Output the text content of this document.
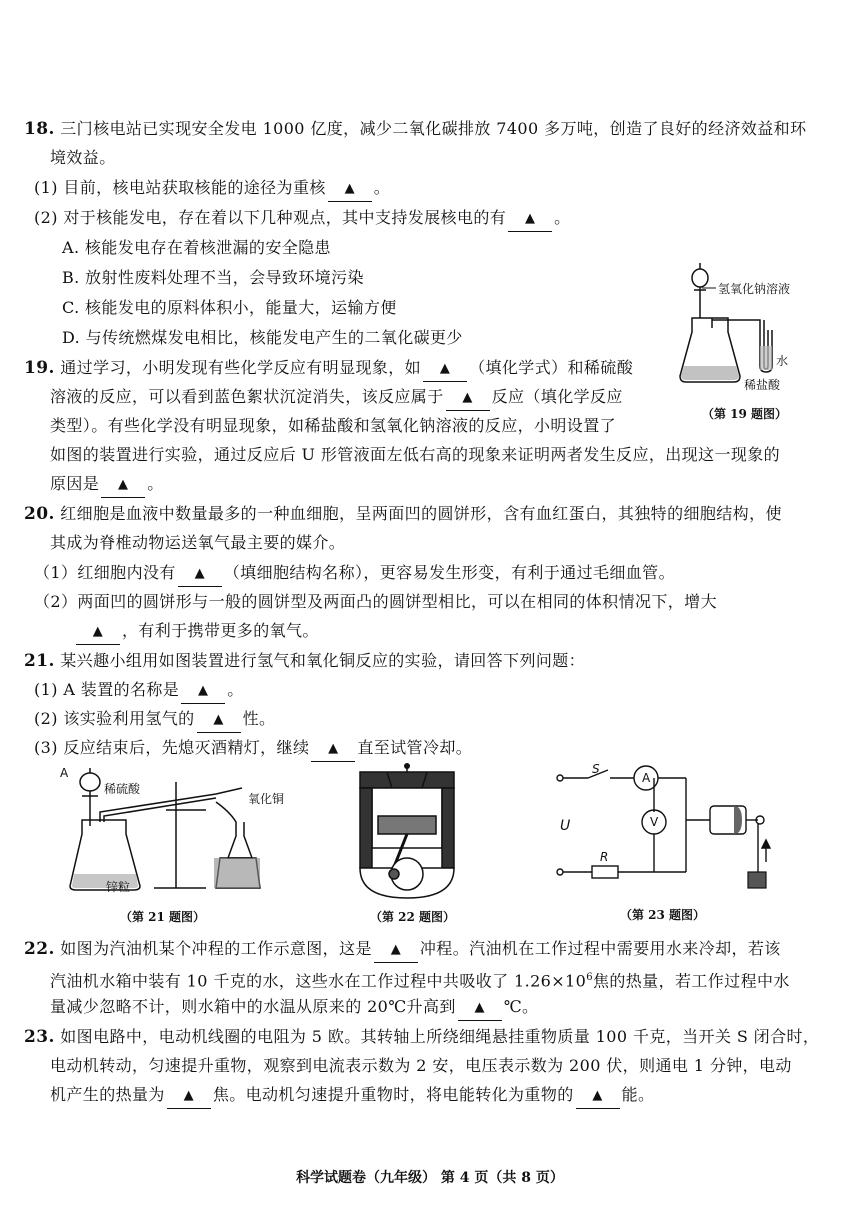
18. 三门核电站已实现安全发电 1000 亿度，减少二氧化碳排放 7400 多万吨，创造了良好的经济效益和环
境效益。
(1) 目前，核电站获取核能的途径为重核 ▲	。
(2) 对于核能发电，存在着以下几种观点，其中支持发展核电的有 ▲	。
A. 核能发电存在着核泄漏的安全隐患
B. 放射性废料处理不当，会导致环境污染
C. 核能发电的原料体积小，能量大，运输方便
D. 与传统燃煤发电相比，核能发电产生的二氧化碳更少
氢氧化钠溶液
水
稀盐酸
（第 19 题图）
19. 通过学习，小明发现有些化学反应有明显现象，如 ▲	（填化学式）和稀硫酸
溶液的反应，可以看到蓝色絮状沉淀消失，该反应属于 ▲	反应（填化学反应
类型）。有些化学没有明显现象，如稀盐酸和氢氧化钠溶液的反应，小明设置了
如图的装置进行实验，通过反应后 U 形管液面左低右高的现象来证明两者发生反应，出现这一现象的
原因是 ▲	。
20. 红细胞是血液中数量最多的一种血细胞，呈两面凹的圆饼形，含有血红蛋白，其独特的细胞结构，使
其成为脊椎动物运送氧气最主要的媒介。
（1）红细胞内没有 ▲	（填细胞结构名称），更容易发生形变，有利于通过毛细血管。
（2）两面凹的圆饼形与一般的圆饼型及两面凸的圆饼型相比，可以在相同的体积情况下，增大
▲，有利于携带更多的氧气。
21. 某兴趣小组用如图装置进行氢气和氧化铜反应的实验，请回答下列问题：
(1) A 装置的名称是 ▲	。
(2) 该实验利用氢气的 ▲	性。
(3) 反应结束后，先熄灭酒精灯，继续 ▲	直至试管冷却。
A
稀硫酸
氧化铜
锌粒
（第 21 题图）	（第 22 题图）
S
A
V
U
R
（第 23 题图）
22. 如图为汽油机某个冲程的工作示意图，这是 ▲	冲程。汽油机在工作过程中需要用水来冷却，若该
汽油机水箱中装有 10 千克的水，这些水在工作过程中共吸收了 $1.26\times 10^6$焦的热量，若工作过程中水
量减少忽略不计，则水箱中的水温从原来的 20℃升高到 ▲	℃。
23. 如图电路中，电动机线圈的电阻为 5 欧。其转轴上所绕细绳悬挂重物质量 100 千克，当开关 S 闭合时，
电动机转动，匀速提升重物，观察到电流表示数为 2 安，电压表示数为 200 伏，则通电 1 分钟，电动
机产生的热量为 ▲	焦。电动机匀速提升重物时，将电能转化为重物的 ▲	能。
科学试题卷（九年级） 第 4 页（共 8 页）
